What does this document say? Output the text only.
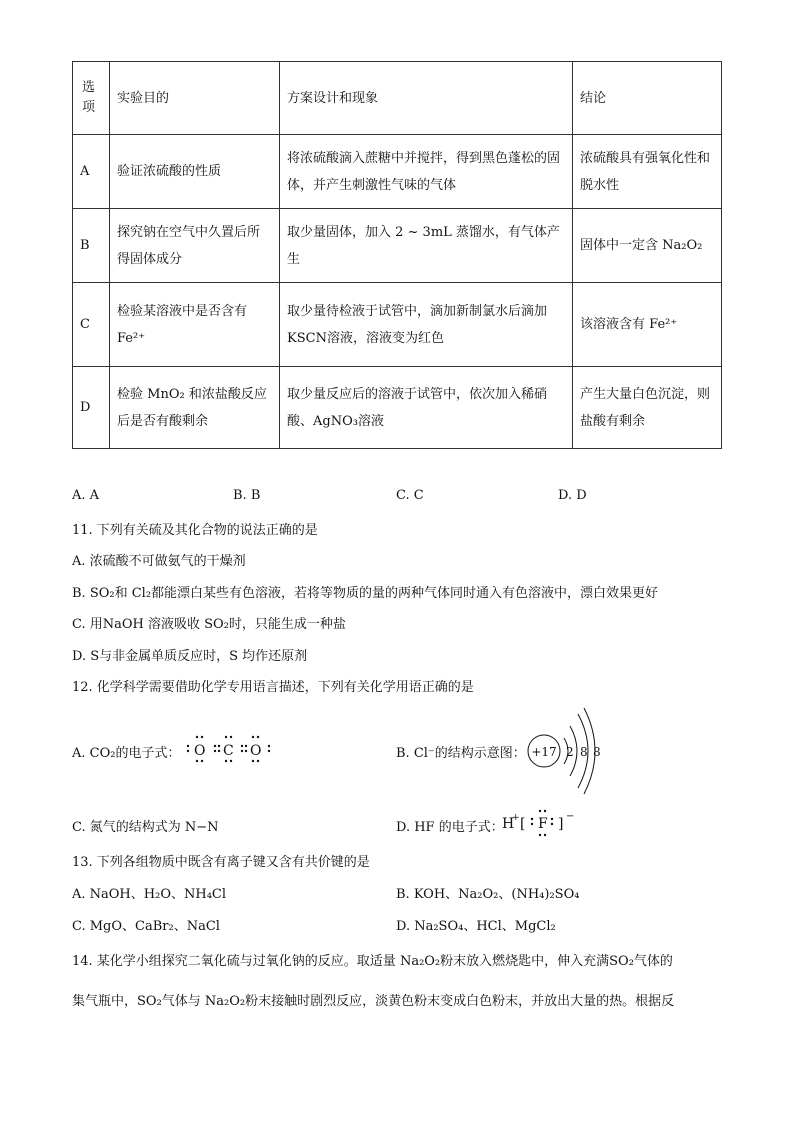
选
项	实验目的	方案设计和现象	结论
A	验证浓硫酸的性质	将浓硫酸滴入蔗糖中并搅拌，得到黑色蓬松的固体，并产生刺激性气味的气体	浓硫酸具有强氧化性和脱水性
B	探究钠在空气中久置后所得固体成分	取少量固体，加入 2 ~ 3mL 蒸馏水，有气体产生	固体中一定含 Na₂O₂
C	检验某溶液中是否含有 Fe²⁺	取少量待检液于试管中，滴加新制氯水后滴加KSCN溶液，溶液变为红色	该溶液含有 Fe²⁺
D	检验 MnO₂ 和浓盐酸反应后是否有酸剩余	取少量反应后的溶液于试管中，依次加入稀硝酸、AgNO₃溶液	产生大量白色沉淀，则盐酸有剩余
A. A	B. B	C. C	D. D
11. 下列有关硫及其化合物的说法正确的是
A. 浓硫酸不可做氨气的干燥剂
B. SO₂和 Cl₂都能漂白某些有色溶液，若将等物质的量的两种气体同时通入有色溶液中，漂白效果更好
C. 用NaOH 溶液吸收 SO₂时，只能生成一种盐
D. S与非金属单质反应时，S 均作还原剂
12. 化学科学需要借助化学专用语言描述，下列有关化学用语正确的是
A. CO₂的电子式： O C O	B. Cl⁻的结构示意图： +17 2 8 8
C. 氮气的结构式为 N−N	D. HF 的电子式：
H
+ [ F ] −
13. 下列各组物质中既含有离子键又含有共价键的是
A. NaOH、H₂O、NH₄Cl	B. KOH、Na₂O₂、(NH₄)₂SO₄
C. MgO、CaBr₂、NaCl	D. Na₂SO₄、HCl、MgCl₂
14. 某化学小组探究二氧化硫与过氧化钠的反应。取适量 Na₂O₂粉末放入燃烧匙中，伸入充满SO₂气体的
集气瓶中，SO₂气体与 Na₂O₂粉末接触时剧烈反应，淡黄色粉末变成白色粉末，并放出大量的热。根据反
